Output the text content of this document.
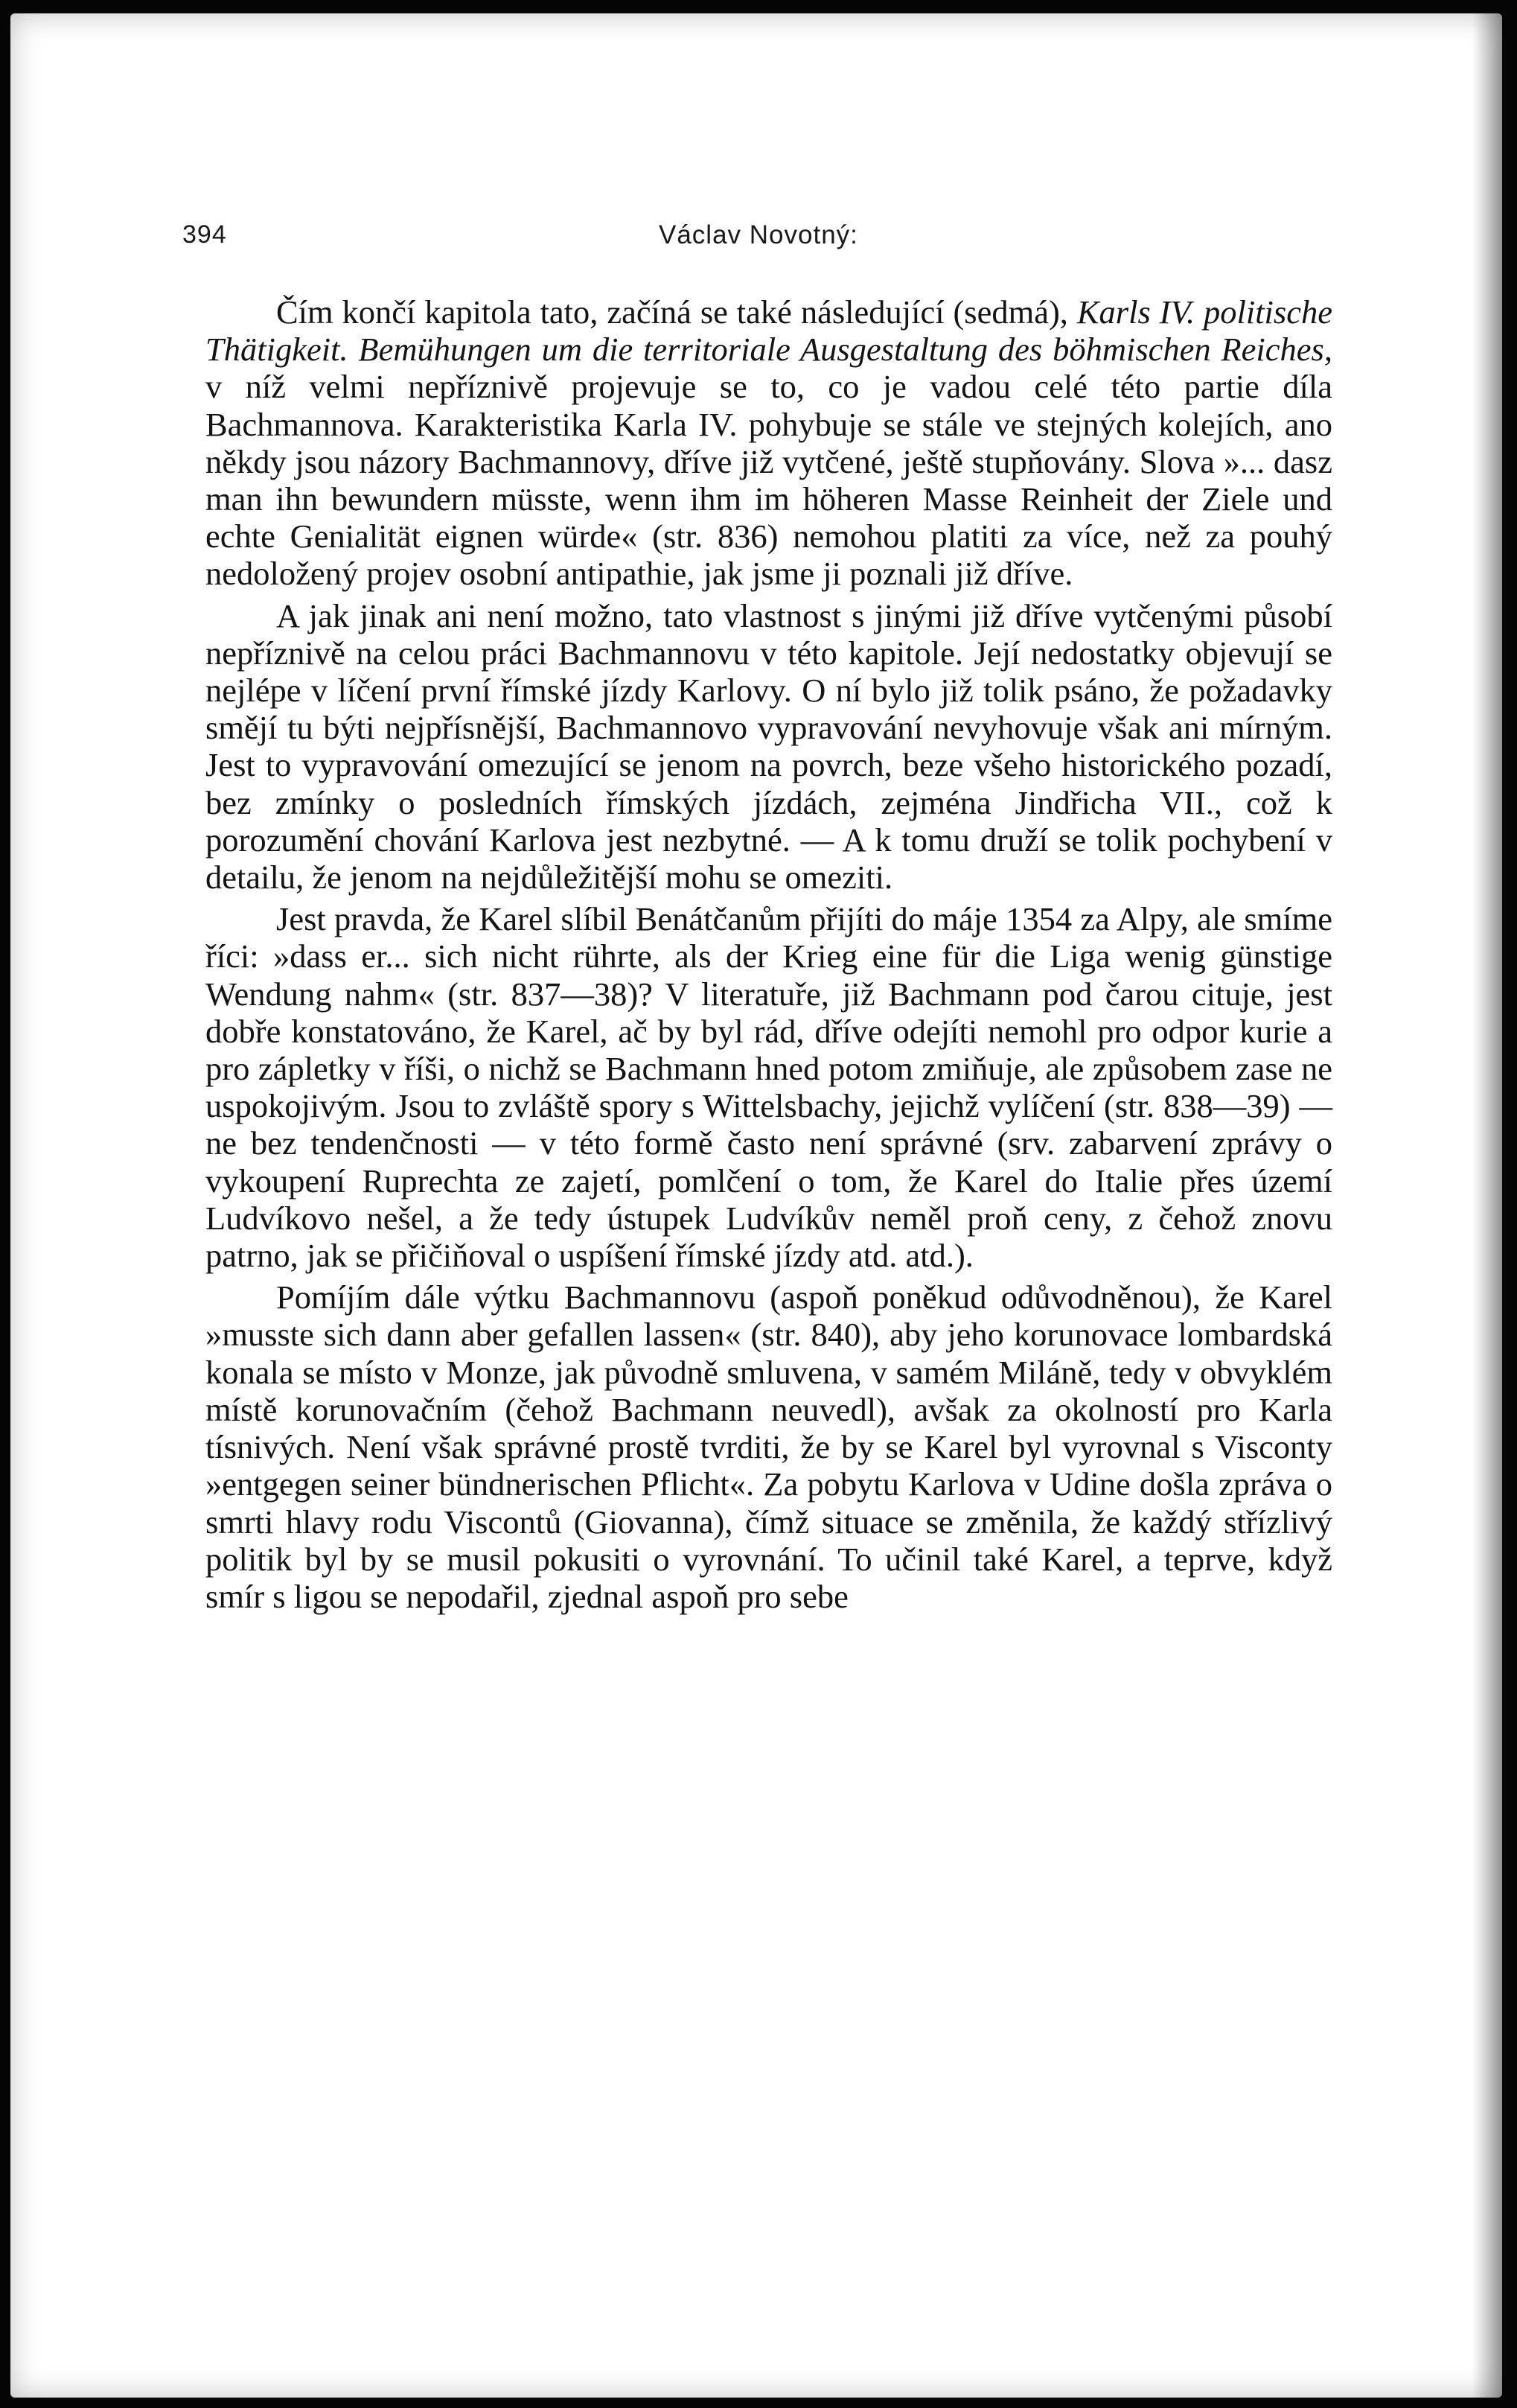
394	Václav Novotný:

Čím končí kapitola tato, začíná se také následující (sedmá), Karls IV. politische Thätigkeit. Bemühungen um die territoriale Ausgestaltung des böhmischen Reiches, v níž velmi nepříznivě projevuje se to, co je vadou celé této partie díla Bachmannova. Karakteristika Karla IV. pohybuje se stále ve stejných kolejích, ano někdy jsou názory Bachmannovy, dříve již vytčené, ještě stupňovány. Slova »... dasz man ihn bewundern müsste, wenn ihm im höheren Masse Reinheit der Ziele und echte Genialität eignen würde« (str. 836) nemohou platiti za více, než za pouhý nedoložený projev osobní antipathie, jak jsme ji poznali již dříve.

A jak jinak ani není možno, tato vlastnost s jinými již dříve vytčenými působí nepříznivě na celou práci Bachmannovu v této kapitole. Její nedostatky objevují se nejlépe v líčení první římské jízdy Karlovy. O ní bylo již tolik psáno, že požadavky smějí tu býti nejpřísnější, Bachmannovo vypravování nevyhovuje však ani mírným. Jest to vypravování omezující se jenom na povrch, beze všeho historického pozadí, bez zmínky o posledních římských jízdách, zejména Jindřicha VII., což k porozumění chování Karlova jest nezbytné. — A k tomu druží se tolik pochybení v detailu, že jenom na nejdůležitější mohu se omeziti.

Jest pravda, že Karel slíbil Benátčanům přijíti do máje 1354 za Alpy, ale smíme říci: »dass er... sich nicht rührte, als der Krieg eine für die Liga wenig günstige Wendung nahm« (str. 837—38)? V literatuře, již Bachmann pod čarou cituje, jest dobře konstatováno, že Karel, ač by byl rád, dříve odejíti nemohl pro odpor kurie a pro zápletky v říši, o nichž se Bachmann hned potom zmiňuje, ale způsobem zase ne uspokojivým. Jsou to zvláště spory s Wittelsbachy, jejichž vylíčení (str. 838—39) — ne bez tendenčnosti — v této formě často není správné (srv. zabarvení zprávy o vykoupení Ruprechta ze zajetí, pomlčení o tom, že Karel do Italie přes území Ludvíkovo nešel, a že tedy ústupek Ludvíkův neměl proň ceny, z čehož znovu patrno, jak se přičiňoval o uspíšení římské jízdy atd. atd.).

Pomíjím dále výtku Bachmannovu (aspoň poněkud odůvodněnou), že Karel »musste sich dann aber gefallen lassen« (str. 840), aby jeho korunovace lombardská konala se místo v Monze, jak původně smluvena, v samém Miláně, tedy v obvyklém místě korunovačním (čehož Bachmann neuvedl), avšak za okolností pro Karla tísnivých. Není však správné prostě tvrditi, že by se Karel byl vyrovnal s Visconty »entgegen seiner bündnerischen Pflicht«. Za pobytu Karlova v Udine došla zpráva o smrti hlavy rodu Viscontů (Giovanna), čímž situace se změnila, že každý střízlivý politik byl by se musil pokusiti o vyrovnání. To učinil také Karel, a teprve, když smír s ligou se nepodařil, zjednal aspoň pro sebe
